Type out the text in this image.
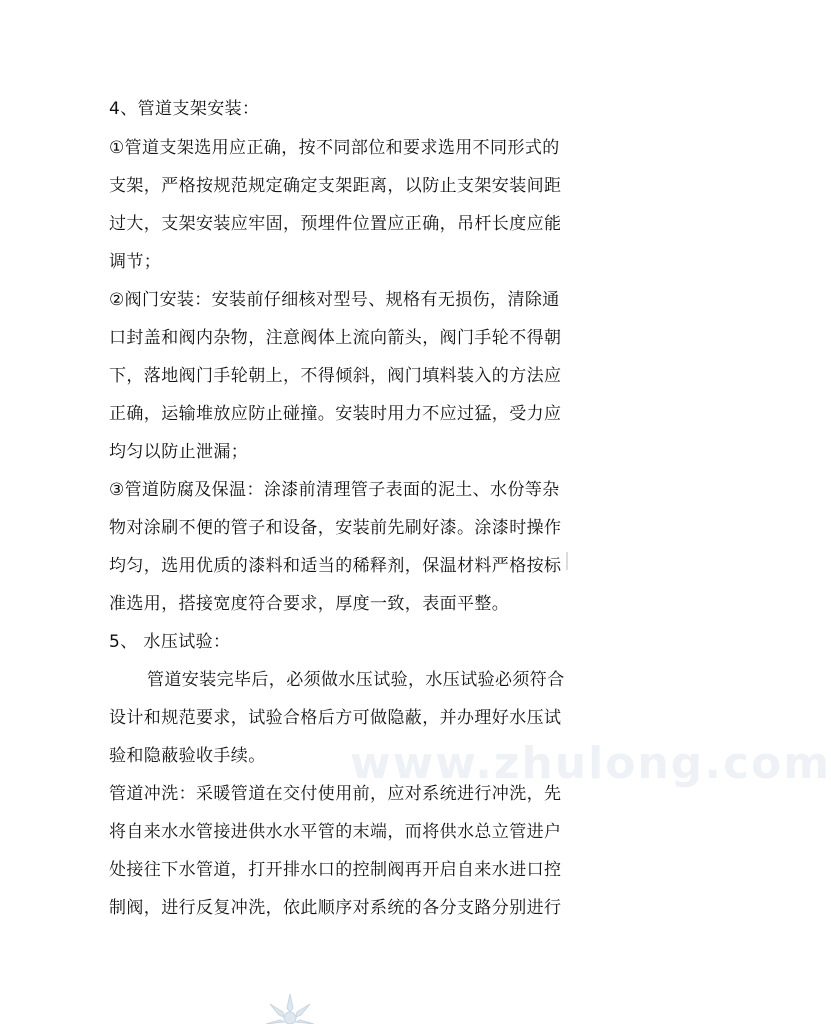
www.zhulong.com
4、管道支架安装：
①管道支架选用应正确，按不同部位和要求选用不同形式的
支架，严格按规范规定确定支架距离，以防止支架安装间距
过大，支架安装应牢固，预埋件位置应正确，吊杆长度应能
调节；
②阀门安装：安装前仔细核对型号、规格有无损伤，清除通
口封盖和阀内杂物，注意阀体上流向箭头，阀门手轮不得朝
下，落地阀门手轮朝上，不得倾斜，阀门填料装入的方法应
正确，运输堆放应防止碰撞。安装时用力不应过猛，受力应
均匀以防止泄漏；
③管道防腐及保温：涂漆前清理管子表面的泥土、水份等杂
物对涂刷不便的管子和设备，安装前先刷好漆。涂漆时操作
均匀，选用优质的漆料和适当的稀释剂，保温材料严格按标
准选用，搭接宽度符合要求，厚度一致，表面平整。
5、 水压试验：
管道安装完毕后，必须做水压试验，水压试验必须符合
设计和规范要求，试验合格后方可做隐蔽，并办理好水压试
验和隐蔽验收手续。
管道冲洗：采暖管道在交付使用前，应对系统进行冲洗，先
将自来水水管接进供水水平管的末端，而将供水总立管进户
处接往下水管道，打开排水口的控制阀再开启自来水进口控
制阀，进行反复冲洗，依此顺序对系统的各分支路分别进行
